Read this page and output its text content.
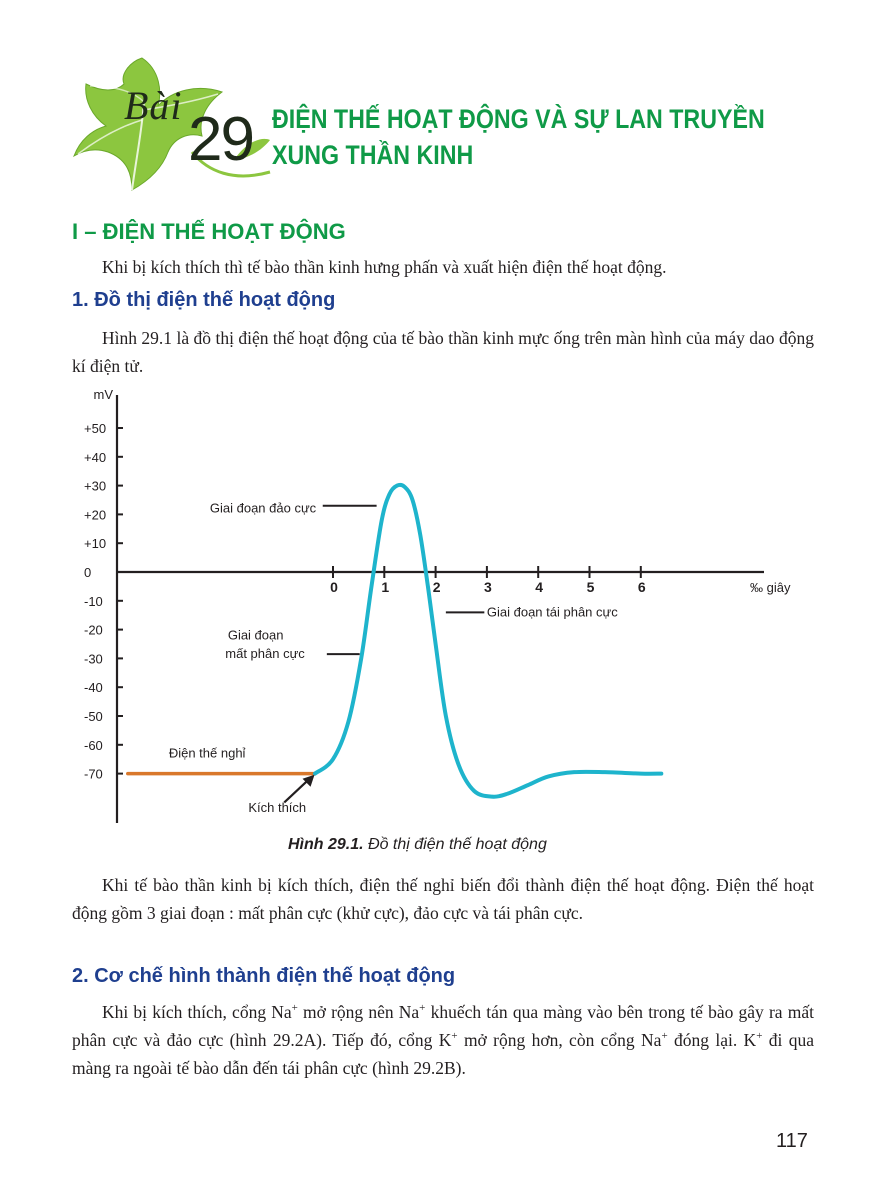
Bài 29 ĐIỆN THẾ HOẠT ĐỘNG VÀ SỰ LAN TRUYỀN
XUNG THẦN KINH
I – ĐIỆN THẾ HOẠT ĐỘNG

Khi bị kích thích thì tế bào thần kinh hưng phấn và xuất hiện điện thế hoạt động.

1. Đồ thị điện thế hoạt động

Hình 29.1 là đồ thị điện thế hoạt động của tế bào thần kinh mực ống trên màn hình của máy dao động kí điện tử.

mV
+50
+40
+30
+20
+10
0
-10
-20
-30
-40
-50
-60
-70
0	1	2	3	4	5	6	‰ giây
Giai đoạn đảo cực
Giai đoạn tái phân cực
Giai đoạn
mất phân cực
Điện thế nghỉ
Kích thích
Hình 29.1. Đồ thị điện thế hoạt động

Khi tế bào thần kinh bị kích thích, điện thế nghỉ biến đổi thành điện thế hoạt động. Điện thế hoạt động gồm 3 giai đoạn : mất phân cực (khử cực), đảo cực và tái phân cực.

2. Cơ chế hình thành điện thế hoạt động

Khi bị kích thích, cổng Na+ mở rộng nên Na+ khuếch tán qua màng vào bên trong tế bào gây ra mất phân cực và đảo cực (hình 29.2A). Tiếp đó, cổng K+ mở rộng hơn, còn cổng Na+ đóng lại. K+ đi qua màng ra ngoài tế bào dẫn đến tái phân cực (hình 29.2B).

117
